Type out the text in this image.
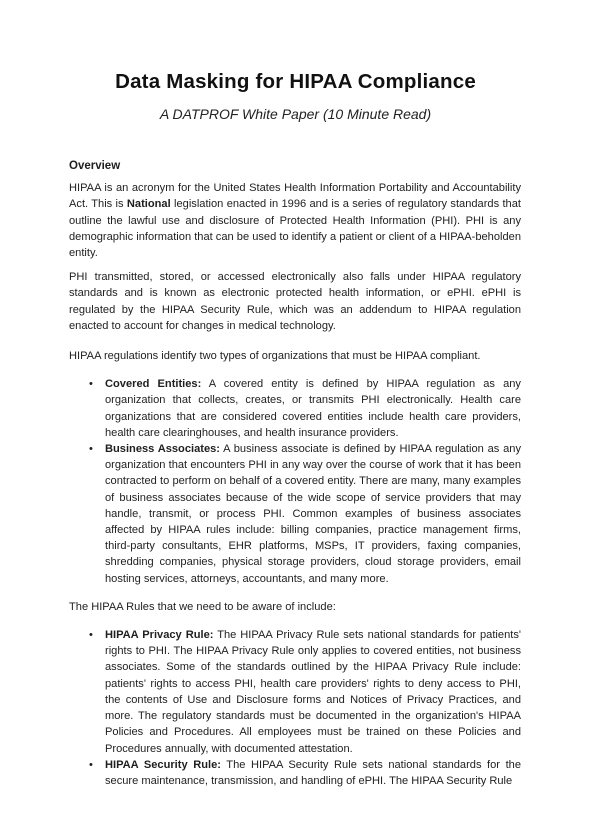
Data Masking for HIPAA Compliance
A DATPROF White Paper (10 Minute Read)
Overview

HIPAA is an acronym for the United States Health Information Portability and Accountability Act. This is National legislation enacted in 1996 and is a series of regulatory standards that outline the lawful use and disclosure of Protected Health Information (PHI). PHI is any demographic information that can be used to identify a patient or client of a HIPAA-beholden entity.

PHI transmitted, stored, or accessed electronically also falls under HIPAA regulatory standards and is known as electronic protected health information, or ePHI. ePHI is regulated by the HIPAA Security Rule, which was an addendum to HIPAA regulation enacted to account for changes in medical technology.

HIPAA regulations identify two types of organizations that must be HIPAA compliant.

• Covered Entities: A covered entity is defined by HIPAA regulation as any organization that collects, creates, or transmits PHI electronically. Health care organizations that are considered covered entities include health care providers, health care clearinghouses, and health insurance providers.
• Business Associates: A business associate is defined by HIPAA regulation as any organization that encounters PHI in any way over the course of work that it has been contracted to perform on behalf of a covered entity. There are many, many examples of business associates because of the wide scope of service providers that may handle, transmit, or process PHI. Common examples of business associates affected by HIPAA rules include: billing companies, practice management firms, third-party consultants, EHR platforms, MSPs, IT providers, faxing companies, shredding companies, physical storage providers, cloud storage providers, email hosting services, attorneys, accountants, and many more.

The HIPAA Rules that we need to be aware of include:

• HIPAA Privacy Rule: The HIPAA Privacy Rule sets national standards for patients' rights to PHI. The HIPAA Privacy Rule only applies to covered entities, not business associates. Some of the standards outlined by the HIPAA Privacy Rule include: patients' rights to access PHI, health care providers' rights to deny access to PHI, the contents of Use and Disclosure forms and Notices of Privacy Practices, and more. The regulatory standards must be documented in the organization's HIPAA Policies and Procedures. All employees must be trained on these Policies and Procedures annually, with documented attestation.
• HIPAA Security Rule: The HIPAA Security Rule sets national standards for the secure maintenance, transmission, and handling of ePHI. The HIPAA Security Rule
